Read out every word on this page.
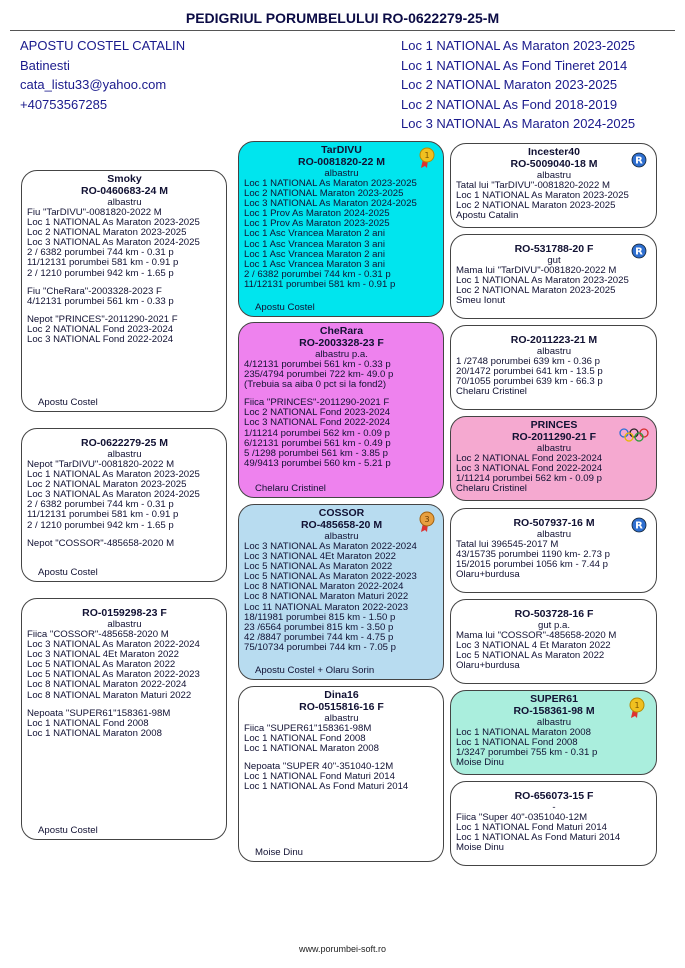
PEDIGRIUL PORUMBELULUI RO-0622279-25-M
APOSTU COSTEL CATALIN
Batinesti
cata_listu33@yahoo.com
+40753567285
Loc 1 NATIONAL As Maraton 2023-2025
Loc 1 NATIONAL As Fond Tineret 2014
Loc 2 NATIONAL Maraton 2023-2025
Loc 2 NATIONAL As Fond 2018-2019
Loc 3 NATIONAL As Maraton 2024-2025
Smoky
RO-0460683-24 M
albastru
Fiu "TarDIVU"-0081820-2022 M
Loc 1 NATIONAL As Maraton 2023-2025
Loc 2 NATIONAL Maraton 2023-2025
Loc 3 NATIONAL As Maraton 2024-2025
2 / 6382 porumbei 744 km - 0.31 p
11/12131 porumbei 581 km - 0.91 p
2 / 1210 porumbei 942 km - 1.65 p
Fiu "CheRara"-2003328-2023 F
4/12131 porumbei 561 km - 0.33 p
Nepot "PRINCES"-2011290-2021 F
Loc 2 NATIONAL Fond 2023-2024
Loc 3 NATIONAL Fond 2022-2024
Apostu Costel
RO-0622279-25 M
albastru
Nepot "TarDIVU"-0081820-2022 M
Loc 1 NATIONAL As Maraton 2023-2025
Loc 2 NATIONAL Maraton 2023-2025
Loc 3 NATIONAL As Maraton 2024-2025
2 / 6382 porumbei 744 km - 0.31 p
11/12131 porumbei 581 km - 0.91 p
2 / 1210 porumbei 942 km - 1.65 p
Nepot "COSSOR"-485658-2020 M
Apostu Costel
RO-0159298-23 F
albastru
Fiica "COSSOR"-485658-2020 M
Loc 3 NATIONAL As Maraton 2022-2024
Loc 3 NATIONAL 4Et Maraton 2022
Loc 5 NATIONAL As Maraton 2022
Loc 5 NATIONAL As Maraton 2022-2023
Loc 8 NATIONAL Maraton 2022-2024
Loc 8 NATIONAL Maraton Maturi 2022
Nepoata "SUPER61"158361-98M
Loc 1 NATIONAL Fond 2008
Loc 1 NATIONAL Maraton 2008
Apostu Costel
TarDIVU
RO-0081820-22 M
albastru
Loc 1 NATIONAL As Maraton 2023-2025
Loc 2 NATIONAL Maraton 2023-2025
Loc 3 NATIONAL As Maraton 2024-2025
Loc 1 Prov As Maraton 2024-2025
Loc 1 Prov As Maraton 2023-2025
Loc 1 Asc Vrancea Maraton 2 ani
Loc 1 Asc Vrancea Maraton 3 ani
Loc 1 Asc Vrancea Maraton 2 ani
Loc 1 Asc Vrancea Maraton 3 ani
2 / 6382 porumbei 744 km - 0.31 p
11/12131 porumbei 581 km - 0.91 p
Apostu Costel
CheRara
RO-2003328-23 F
albastru p.a.
4/12131 porumbei 561 km - 0.33 p
235/4794 porumbei 722 km- 49.0 p
(Trebuia sa aiba 0 pct si la fond2)
Fiica "PRINCES"-2011290-2021 F
Loc 2 NATIONAL Fond 2023-2024
Loc 3 NATIONAL Fond 2022-2024
1/11214 porumbei 562 km - 0.09 p
6/12131 porumbei 561 km - 0.49 p
5 /1298 porumbei 561 km - 3.85 p
49/9413 porumbei 560 km - 5.21 p
Chelaru Cristinel
COSSOR
RO-485658-20 M
albastru
Loc 3 NATIONAL As Maraton 2022-2024
Loc 3 NATIONAL 4Et Maraton 2022
Loc 5 NATIONAL As Maraton 2022
Loc 5 NATIONAL As Maraton 2022-2023
Loc 8 NATIONAL Maraton 2022-2024
Loc 8 NATIONAL Maraton Maturi 2022
Loc 11 NATIONAL Maraton 2022-2023
18/11981 porumbei 815 km - 1.50 p
23 /6564 porumbei 815 km - 3.50 p
42 /8847 porumbei 744 km - 4.75 p
75/10734 porumbei 744 km - 7.05 p
Apostu Costel + Olaru Sorin
Dina16
RO-0515816-16 F
albastru
Fiica "SUPER61"158361-98M
Loc 1 NATIONAL Fond 2008
Loc 1 NATIONAL Maraton 2008
Nepoata "SUPER 40"-351040-12M
Loc 1 NATIONAL Fond Maturi 2014
Loc 1 NATIONAL As Fond Maturi 2014
Moise Dinu
Incester40
RO-5009040-18 M
albastru
Tatal lui "TarDIVU"-0081820-2022 M
Loc 1 NATIONAL As Maraton 2023-2025
Loc 2 NATIONAL Maraton 2023-2025
Apostu Catalin
RO-531788-20 F
gut
Mama lui "TarDIVU"-0081820-2022 M
Loc 1 NATIONAL As Maraton 2023-2025
Loc 2 NATIONAL Maraton 2023-2025
Smeu Ionut
RO-2011223-21 M
albastru
1 /2748 porumbei 639 km - 0.36 p
20/1472 porumbei 641 km - 13.5 p
70/1055 porumbei 639 km - 66.3 p
Chelaru Cristinel
PRINCES
RO-2011290-21 F
albastru
Loc 2 NATIONAL Fond 2023-2024
Loc 3 NATIONAL Fond 2022-2024
1/11214 porumbei 562 km - 0.09 p
Chelaru Cristinel
RO-507937-16 M
albastru
Tatal lui 396545-2017 M
43/15735 porumbei 1190 km- 2.73 p
15/2015 porumbei 1056 km - 7.44 p
Olaru+burdusa
RO-503728-16 F
gut p.a.
Mama lui "COSSOR"-485658-2020 M
Loc 3 NATIONAL 4 Et Maraton 2022
Loc 5 NATIONAL As Maraton 2022
Olaru+burdusa
SUPER61
RO-158361-98 M
albastru
Loc 1 NATIONAL Maraton 2008
Loc 1 NATIONAL Fond 2008
1/3247 porumbei 755 km - 0.31 p
Moise Dinu
RO-656073-15 F
-
Fiica "Super 40"-0351040-12M
Loc 1 NATIONAL Fond Maturi 2014
Loc 1 NATIONAL As Fond Maturi 2014
Moise Dinu
1
3
1
R
R
R
www.porumbei-soft.ro
